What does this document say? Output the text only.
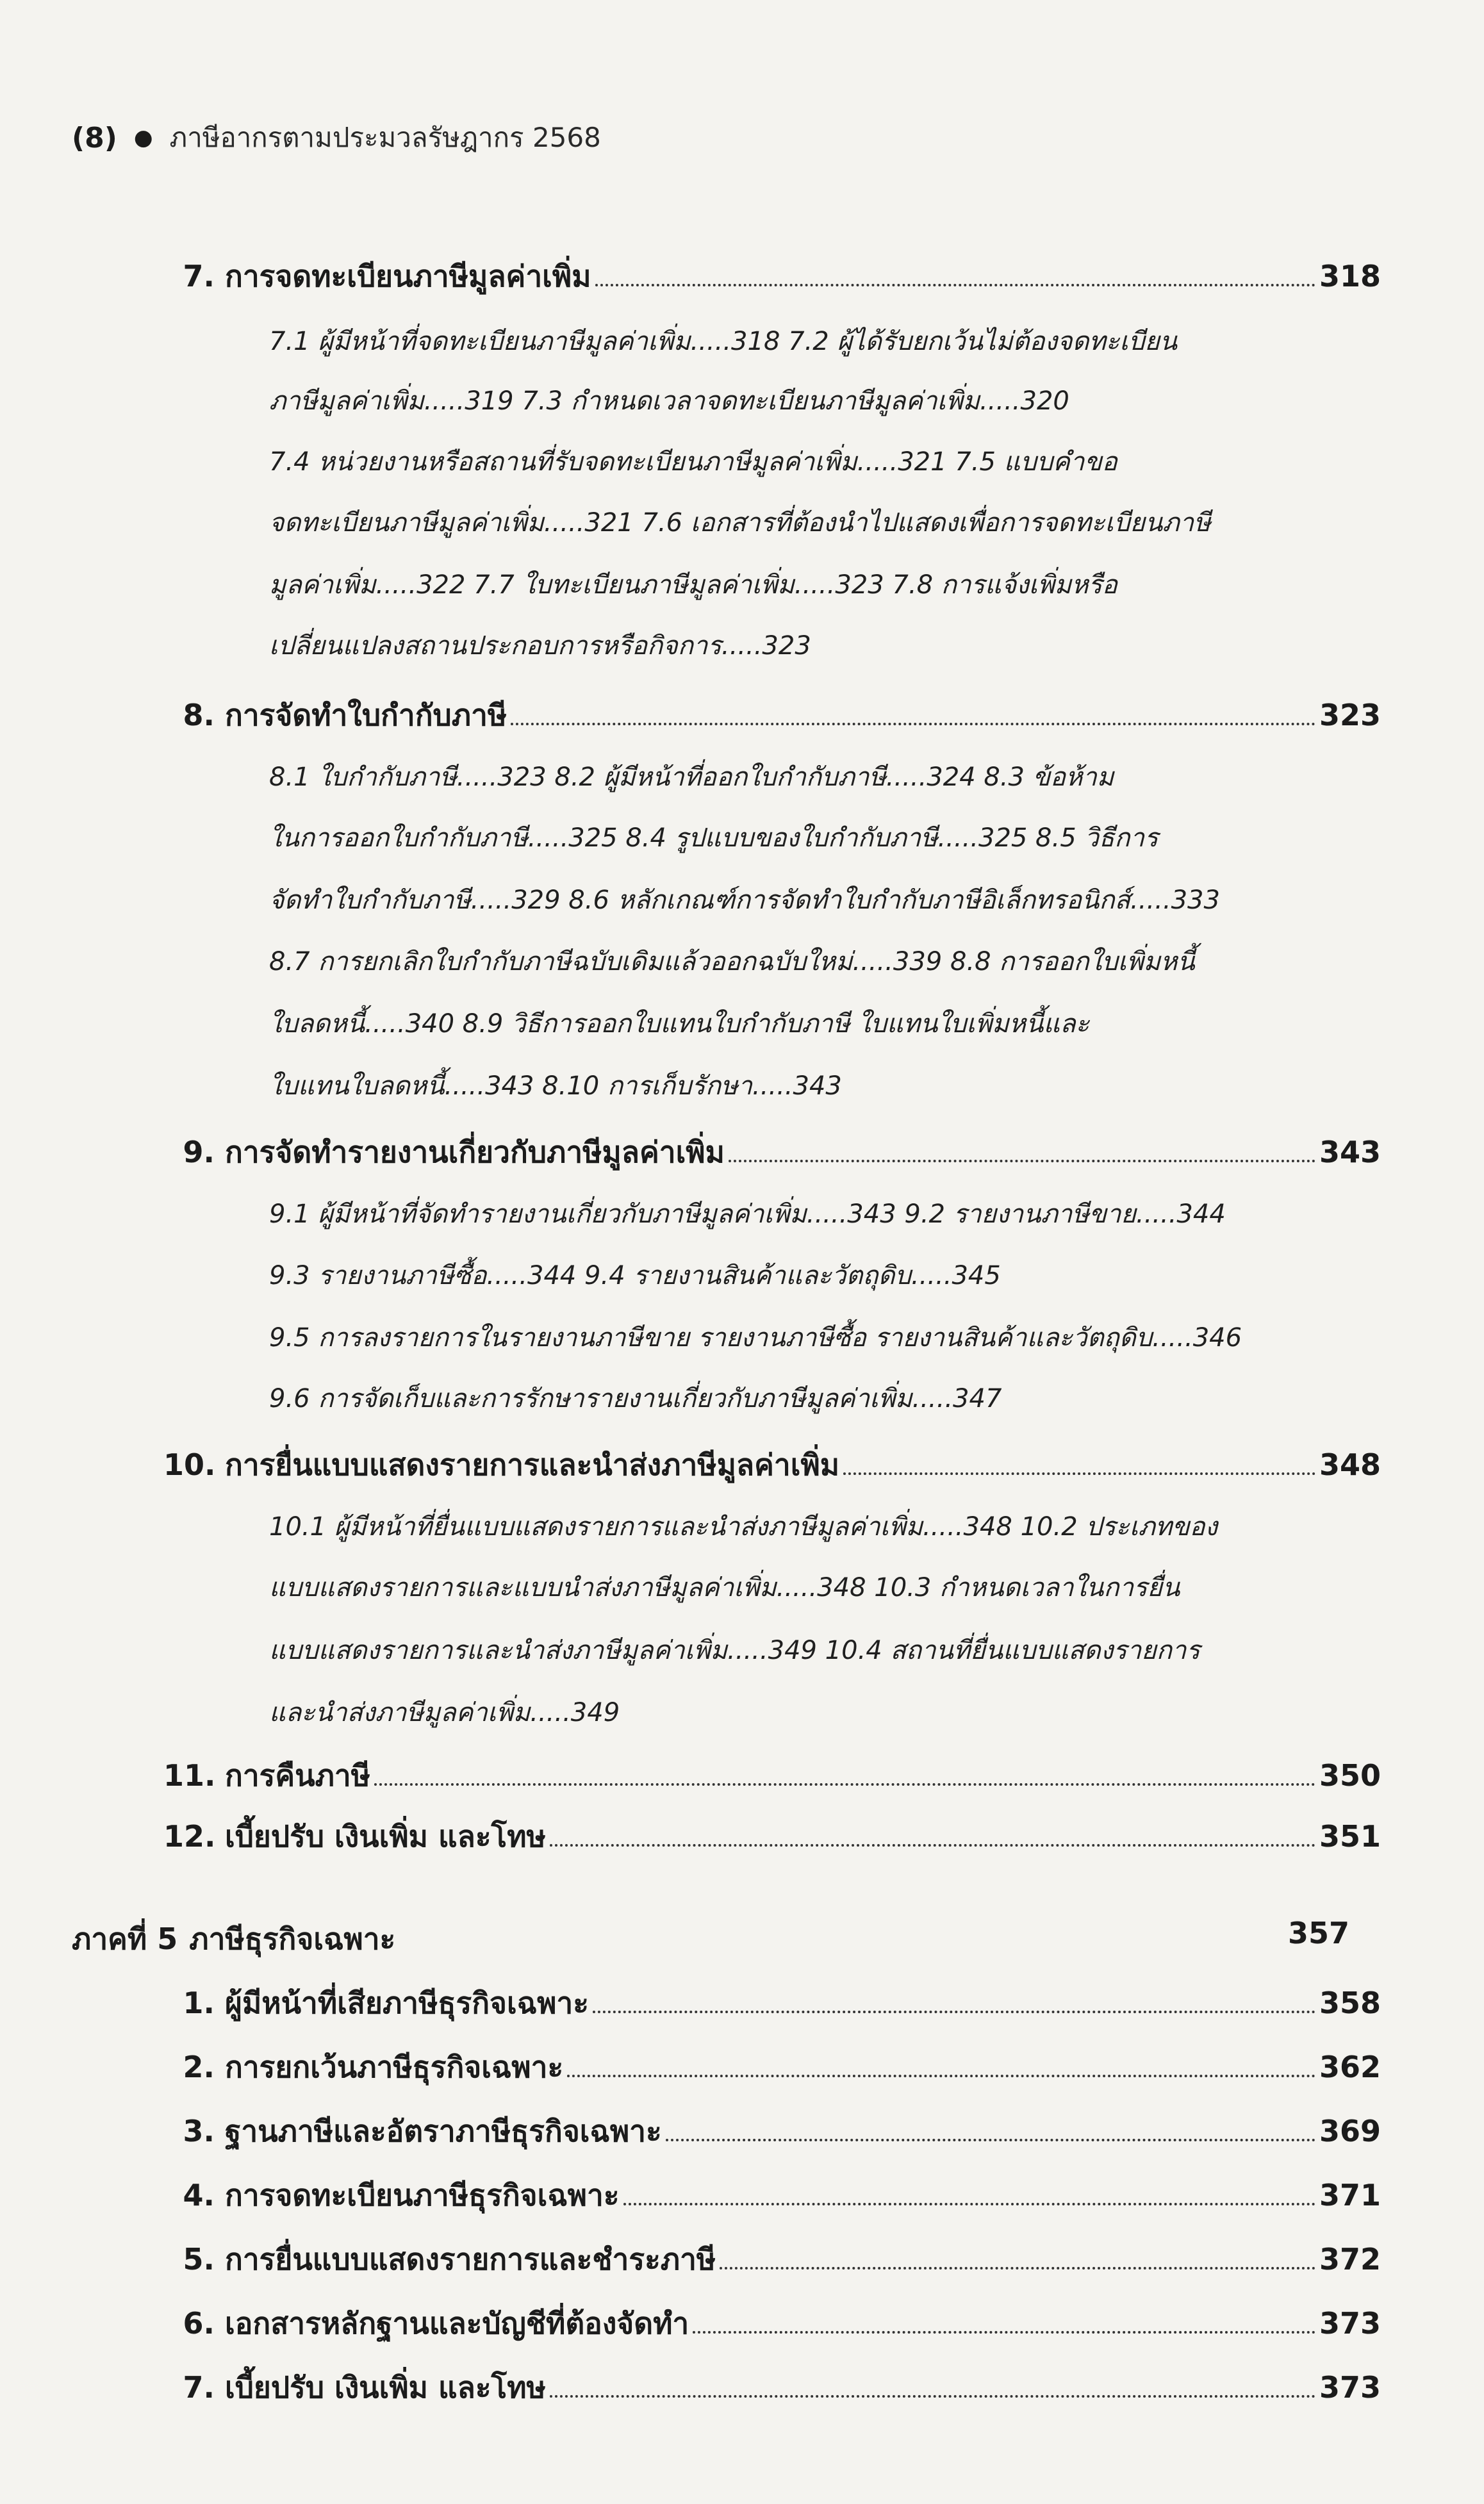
(8) ● ภาษีอากรตามประมวลรัษฎากร 2568
7. การจดทะเบียนภาษีมูลค่าเพิ่ม	318
7.1 ผู้มีหน้าที่จดทะเบียนภาษีมูลค่าเพิ่ม.....318 7.2 ผู้ได้รับยกเว้นไม่ต้องจดทะเบียน
ภาษีมูลค่าเพิ่ม.....319 7.3 กำหนดเวลาจดทะเบียนภาษีมูลค่าเพิ่ม.....320
7.4 หน่วยงานหรือสถานที่รับจดทะเบียนภาษีมูลค่าเพิ่ม.....321 7.5 แบบคำขอ
จดทะเบียนภาษีมูลค่าเพิ่ม.....321 7.6 เอกสารที่ต้องนำไปแสดงเพื่อการจดทะเบียนภาษี
มูลค่าเพิ่ม.....322 7.7 ใบทะเบียนภาษีมูลค่าเพิ่ม.....323 7.8 การแจ้งเพิ่มหรือ
เปลี่ยนแปลงสถานประกอบการหรือกิจการ.....323
8. การจัดทำใบกำกับภาษี	323
8.1 ใบกำกับภาษี.....323 8.2 ผู้มีหน้าที่ออกใบกำกับภาษี.....324 8.3 ข้อห้าม
ในการออกใบกำกับภาษี.....325 8.4 รูปแบบของใบกำกับภาษี.....325 8.5 วิธีการ
จัดทำใบกำกับภาษี.....329 8.6 หลักเกณฑ์การจัดทำใบกำกับภาษีอิเล็กทรอนิกส์.....333
8.7 การยกเลิกใบกำกับภาษีฉบับเดิมแล้วออกฉบับใหม่.....339 8.8 การออกใบเพิ่มหนี้
ใบลดหนี้.....340 8.9 วิธีการออกใบแทนใบกำกับภาษี ใบแทนใบเพิ่มหนี้และ
ใบแทนใบลดหนี้.....343 8.10 การเก็บรักษา.....343
9. การจัดทำรายงานเกี่ยวกับภาษีมูลค่าเพิ่ม	343
9.1 ผู้มีหน้าที่จัดทำรายงานเกี่ยวกับภาษีมูลค่าเพิ่ม.....343 9.2 รายงานภาษีขาย.....344
9.3 รายงานภาษีซื้อ.....344 9.4 รายงานสินค้าและวัตถุดิบ.....345
9.5 การลงรายการในรายงานภาษีขาย รายงานภาษีซื้อ รายงานสินค้าและวัตถุดิบ.....346
9.6 การจัดเก็บและการรักษารายงานเกี่ยวกับภาษีมูลค่าเพิ่ม.....347
10. การยื่นแบบแสดงรายการและนำส่งภาษีมูลค่าเพิ่ม	348
10.1 ผู้มีหน้าที่ยื่นแบบแสดงรายการและนำส่งภาษีมูลค่าเพิ่ม.....348 10.2 ประเภทของ
แบบแสดงรายการและแบบนำส่งภาษีมูลค่าเพิ่ม.....348 10.3 กำหนดเวลาในการยื่น
แบบแสดงรายการและนำส่งภาษีมูลค่าเพิ่ม.....349 10.4 สถานที่ยื่นแบบแสดงรายการ
และนำส่งภาษีมูลค่าเพิ่ม.....349
11. การคืนภาษี	350
12. เบี้ยปรับ เงินเพิ่ม และโทษ	351
ภาคที่ 5 ภาษีธุรกิจเฉพาะ	357
1. ผู้มีหน้าที่เสียภาษีธุรกิจเฉพาะ	358
2. การยกเว้นภาษีธุรกิจเฉพาะ	362
3. ฐานภาษีและอัตราภาษีธุรกิจเฉพาะ	369
4. การจดทะเบียนภาษีธุรกิจเฉพาะ	371
5. การยื่นแบบแสดงรายการและชำระภาษี	372
6. เอกสารหลักฐานและบัญชีที่ต้องจัดทำ	373
7. เบี้ยปรับ เงินเพิ่ม และโทษ	373
